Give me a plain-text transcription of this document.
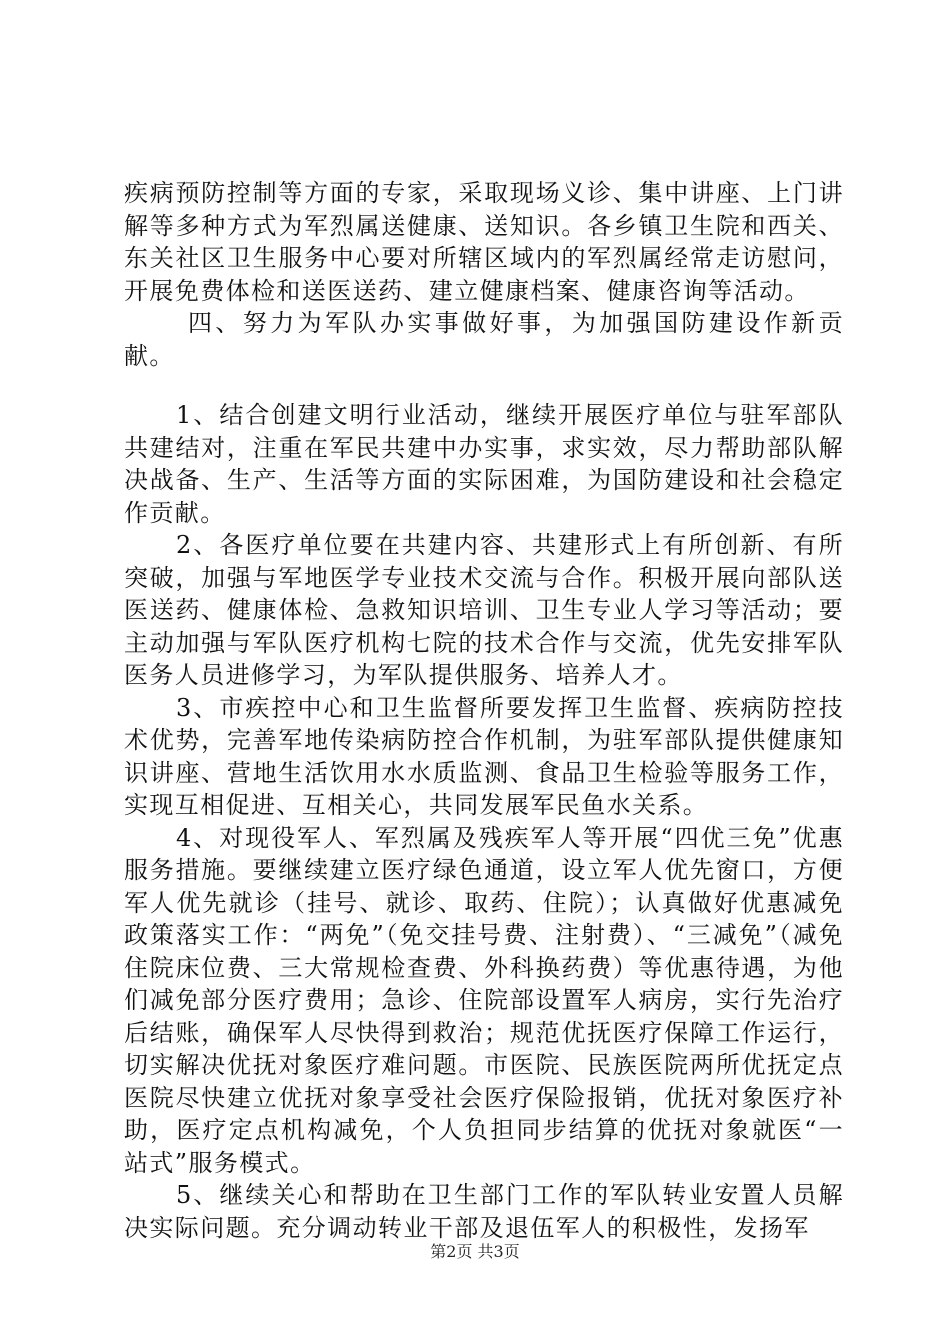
疾病预防控制等方面的专家，采取现场义诊、集中讲座、上门讲解等多种方式为军烈属送健康、送知识。各乡镇卫生院和西关、东关社区卫生服务中心要对所辖区域内的军烈属经常走访慰问，开展免费体检和送医送药、建立健康档案、健康咨询等活动。

四、努力为军队办实事做好事，为加强国防建设作新贡献。

1、结合创建文明行业活动，继续开展医疗单位与驻军部队共建结对，注重在军民共建中办实事，求实效，尽力帮助部队解决战备、生产、生活等方面的实际困难，为国防建设和社会稳定作贡献。

2、各医疗单位要在共建内容、共建形式上有所创新、有所突破，加强与军地医学专业技术交流与合作。积极开展向部队送医送药、健康体检、急救知识培训、卫生专业人学习等活动；要主动加强与军队医疗机构七院的技术合作与交流，优先安排军队医务人员进修学习，为军队提供服务、培养人才。

3、市疾控中心和卫生监督所要发挥卫生监督、疾病防控技术优势，完善军地传染病防控合作机制，为驻军部队提供健康知识讲座、营地生活饮用水水质监测、食品卫生检验等服务工作，实现互相促进、互相关心，共同发展军民鱼水关系。

4、对现役军人、军烈属及残疾军人等开展“四优三免”优惠服务措施。要继续建立医疗绿色通道，设立军人优先窗口，方便军人优先就诊（挂号、就诊、取药、住院）；认真做好优惠减免政策落实工作：“两免”（免交挂号费、注射费）、“三减免”（减免住院床位费、三大常规检查费、外科换药费）等优惠待遇，为他们减免部分医疗费用；急诊、住院部设置军人病房，实行先治疗后结账，确保军人尽快得到救治；规范优抚医疗保障工作运行，切实解决优抚对象医疗难问题。市医院、民族医院两所优抚定点医院尽快建立优抚对象享受社会医疗保险报销，优抚对象医疗补助，医疗定点机构减免，个人负担同步结算的优抚对象就医“一站式”服务模式。

5、继续关心和帮助在卫生部门工作的军队转业安置人员解决实际问题。充分调动转业干部及退伍军人的积极性，发扬军

第2页 共3页
